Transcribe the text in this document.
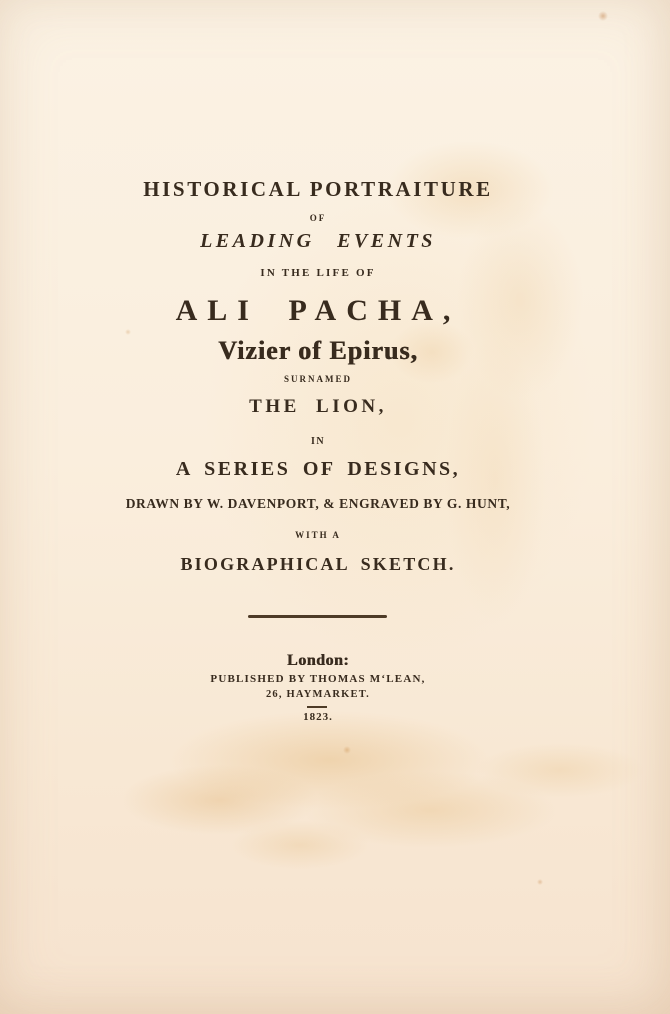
HISTORICAL PORTRAITURE
OF
LEADING EVENTS
IN THE LIFE OF
ALI PACHA,
Vizier of Epirus,
SURNAMED
THE LION,
IN
A SERIES OF DESIGNS,
DRAWN BY W. DAVENPORT, & ENGRAVED BY G. HUNT,
WITH A
BIOGRAPHICAL SKETCH.
London:
PUBLISHED BY THOMAS M‘LEAN,
26, HAYMARKET.
1823.
